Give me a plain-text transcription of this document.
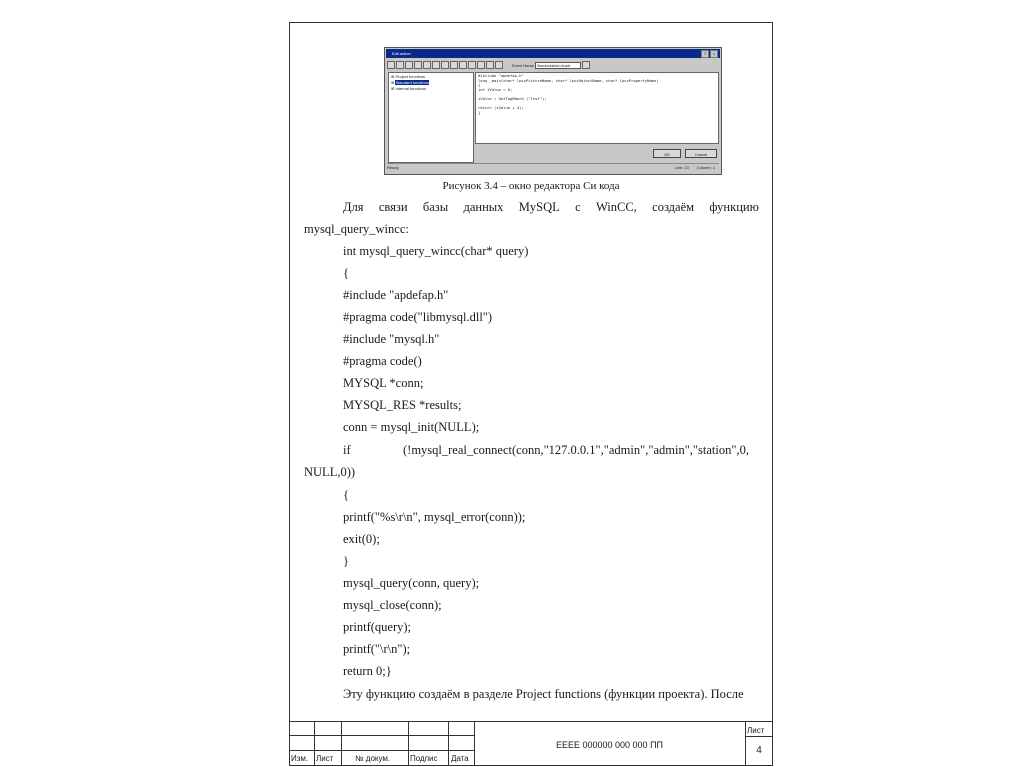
Edit action	?	×
Event Name Standardaktion Ausdr.
⊞ Project functions
⊞ Standard functions
⊞ Internal functions
#include "apdefap.h"
long _main(char* lpszPictureName, char* lpszObjectName, char* lpszPropertyName)
{
int iValue = 0;
iValue = GetTagDWord ("Test");
return (iValue + 4);
}
OK	Cancel
Ready	Line: 10 Column: 1
Рисунок 3.4 – окно редактора Си кода
Для связи базы данных MySQL с WinCC, создаём функцию
mysql_query_wincc:
int mysql_query_wincc(char* query)
{
#include "apdefap.h"
#pragma code("libmysql.dll")
#include "mysql.h"
#pragma code()
MYSQL *conn;
MYSQL_RES *results;
conn = mysql_init(NULL);
if	(!mysql_real_connect(conn,"127.0.0.1","admin","admin","station",0,
NULL,0))
{
printf("%s\r\n", mysql_error(conn));
exit(0);
}
mysql_query(conn, query);
mysql_close(conn);
printf(query);
printf("\r\n");
return 0;}
Эту функцию создаём в разделе Project functions (функции проекта). После
Изм. Лист	№ докум. Подпис Дата
ЕЕЕЕ 000000 000 000 ПП
Лист
4
